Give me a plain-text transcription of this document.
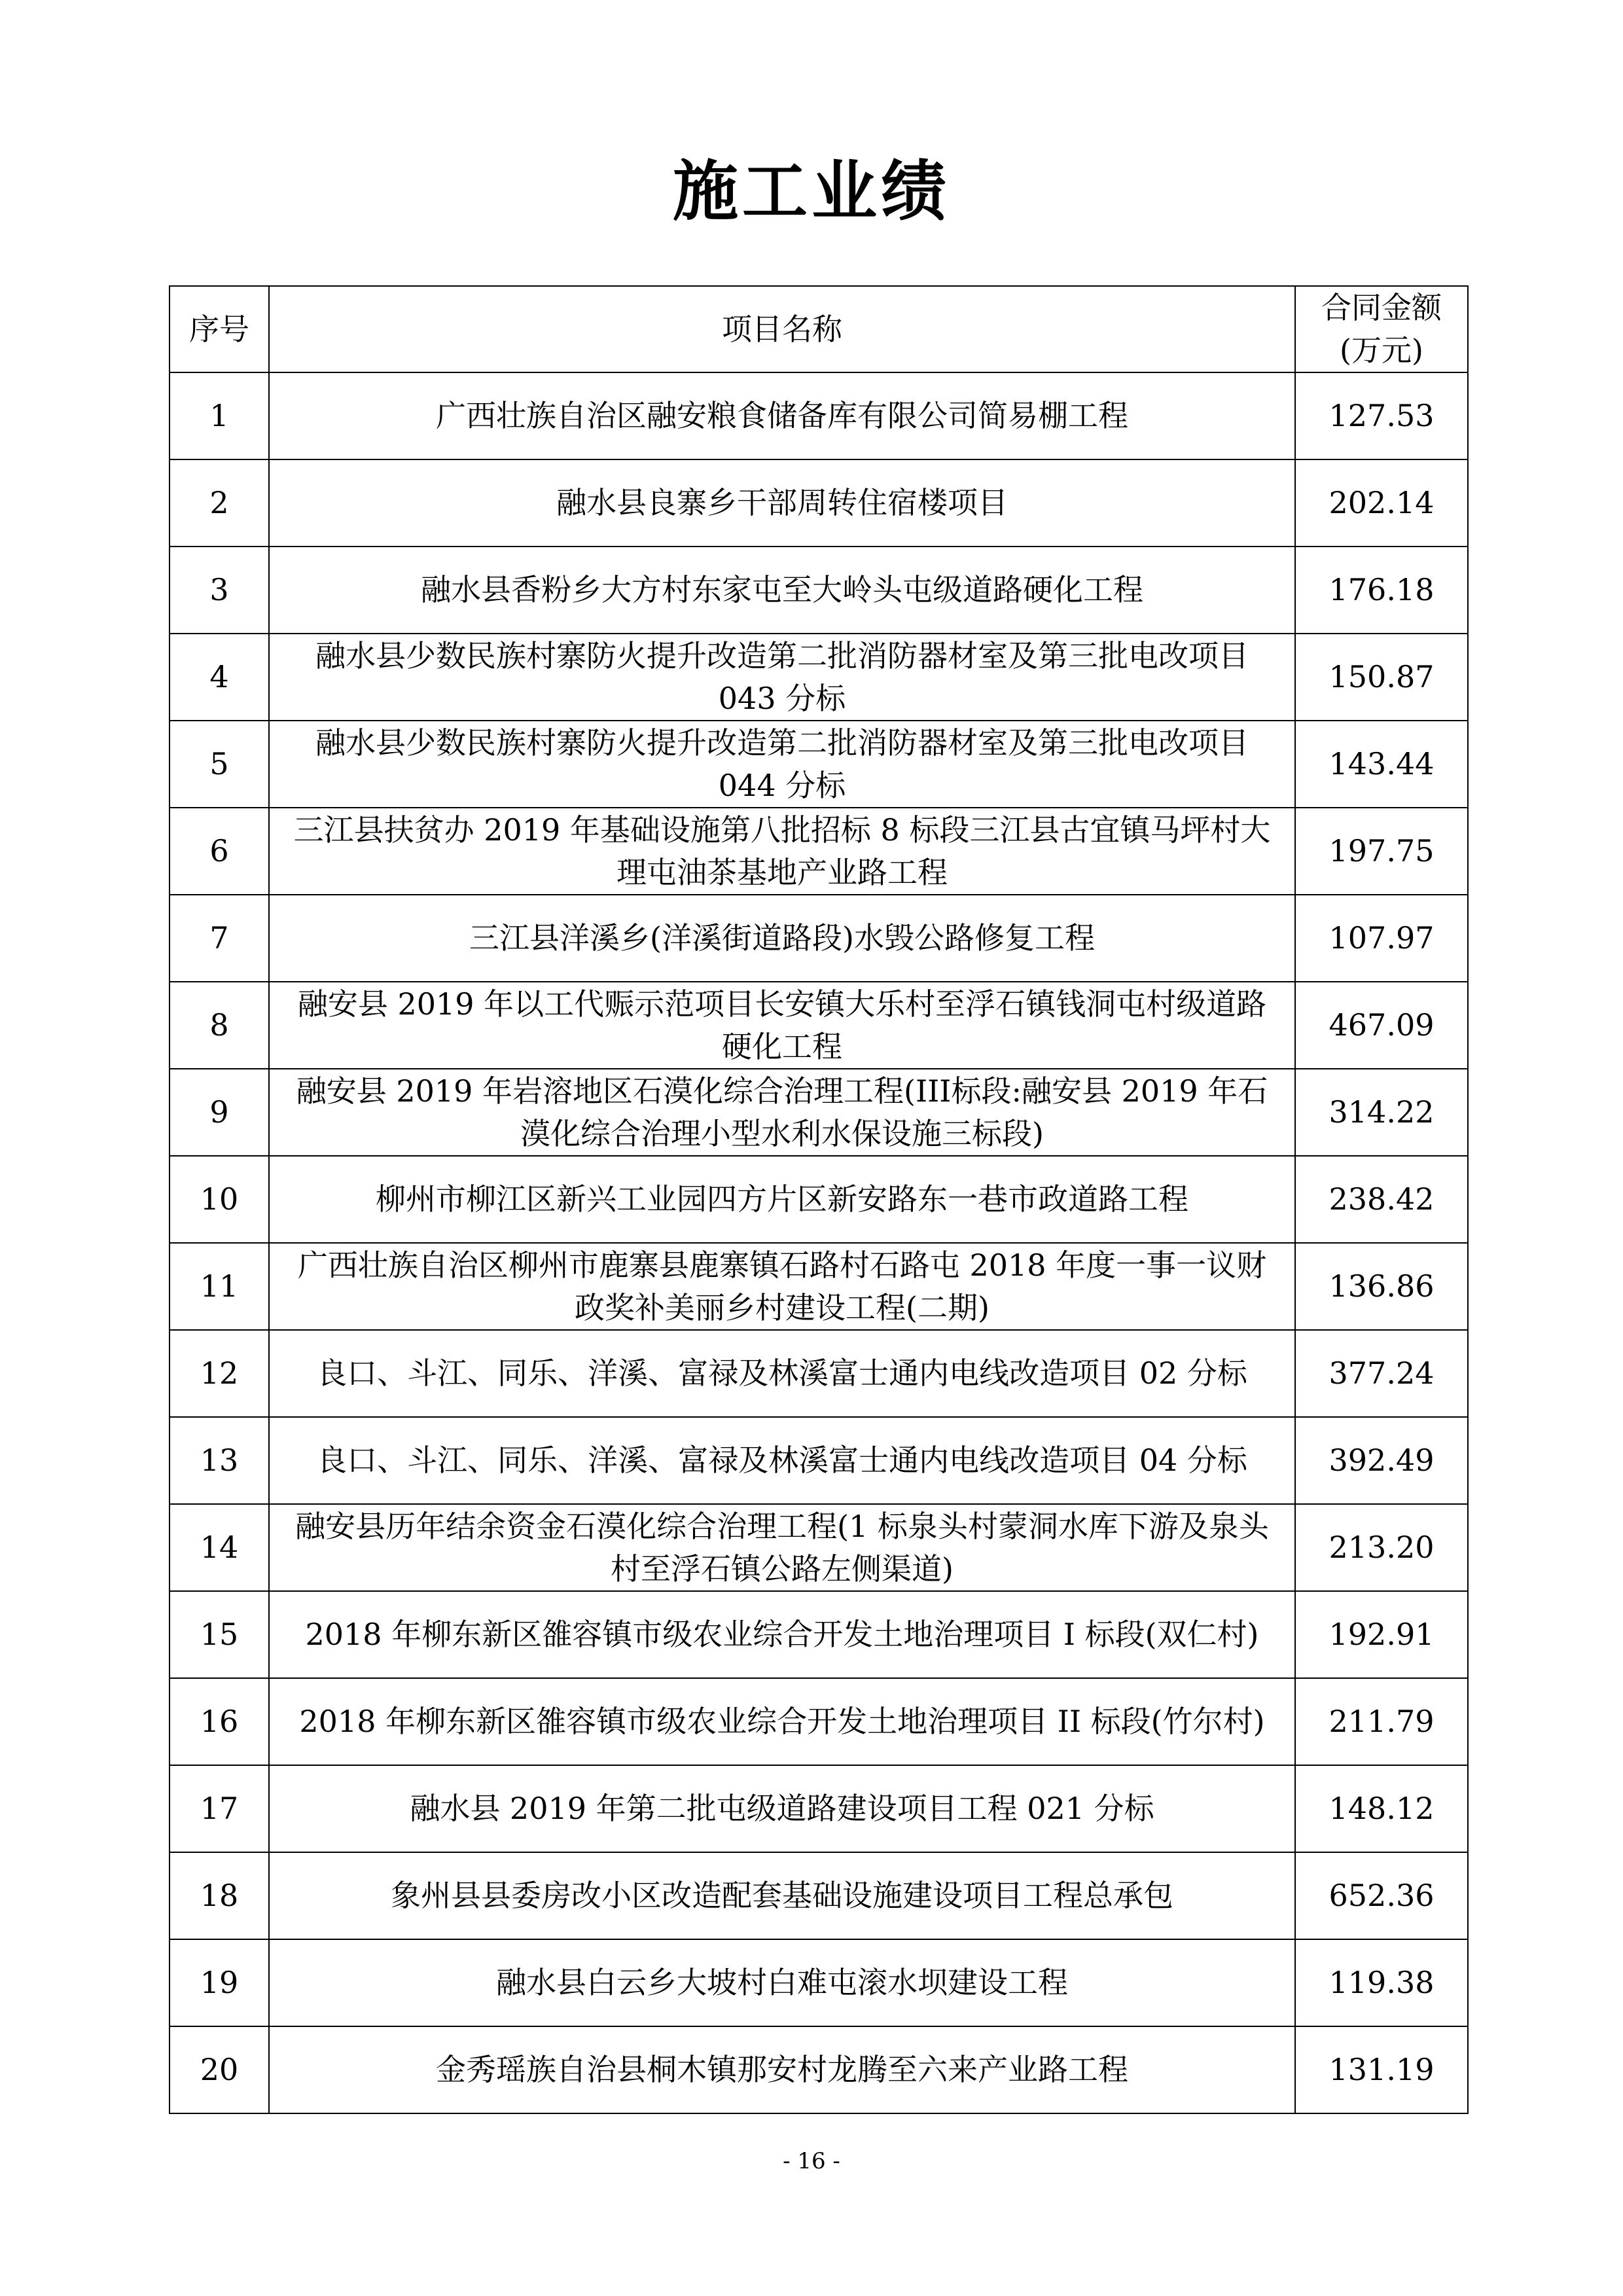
施工业绩
序号	项目名称	合同金额
(万元)

1	广西壮族自治区融安粮食储备库有限公司简易棚工程	127.53
2	融水县良寨乡干部周转住宿楼项目	202.14
3	融水县香粉乡大方村东家屯至大岭头屯级道路硬化工程	176.18
4	融水县少数民族村寨防火提升改造第二批消防器材室及第三批电改项目 043 分标	150.87
5	融水县少数民族村寨防火提升改造第二批消防器材室及第三批电改项目 044 分标	143.44
6	三江县扶贫办 2019 年基础设施第八批招标 8 标段三江县古宜镇马坪村大理屯油茶基地产业路工程	197.75
7	三江县洋溪乡(洋溪街道路段)水毁公路修复工程	107.97
8	融安县 2019 年以工代赈示范项目长安镇大乐村至浮石镇钱洞屯村级道路硬化工程	467.09
9	融安县 2019 年岩溶地区石漠化综合治理工程(III标段:融安县 2019 年石漠化综合治理小型水利水保设施三标段)	314.22
10	柳州市柳江区新兴工业园四方片区新安路东一巷市政道路工程	238.42
11	广西壮族自治区柳州市鹿寨县鹿寨镇石路村石路屯 2018 年度一事一议财政奖补美丽乡村建设工程(二期)	136.86
12	良口、斗江、同乐、洋溪、富禄及林溪富士通内电线改造项目 02 分标	377.24
13	良口、斗江、同乐、洋溪、富禄及林溪富士通内电线改造项目 04 分标	392.49
14	融安县历年结余资金石漠化综合治理工程(1 标泉头村蒙洞水库下游及泉头村至浮石镇公路左侧渠道)	213.20
15	2018 年柳东新区雒容镇市级农业综合开发土地治理项目 I 标段(双仁村)	192.91
16	2018 年柳东新区雒容镇市级农业综合开发土地治理项目 II 标段(竹尔村)	211.79
17	融水县 2019 年第二批屯级道路建设项目工程 021 分标	148.12
18	象州县县委房改小区改造配套基础设施建设项目工程总承包	652.36
19	融水县白云乡大坡村白难屯滚水坝建设工程	119.38
20	金秀瑶族自治县桐木镇那安村龙腾至六来产业路工程	131.19
- 16 -
